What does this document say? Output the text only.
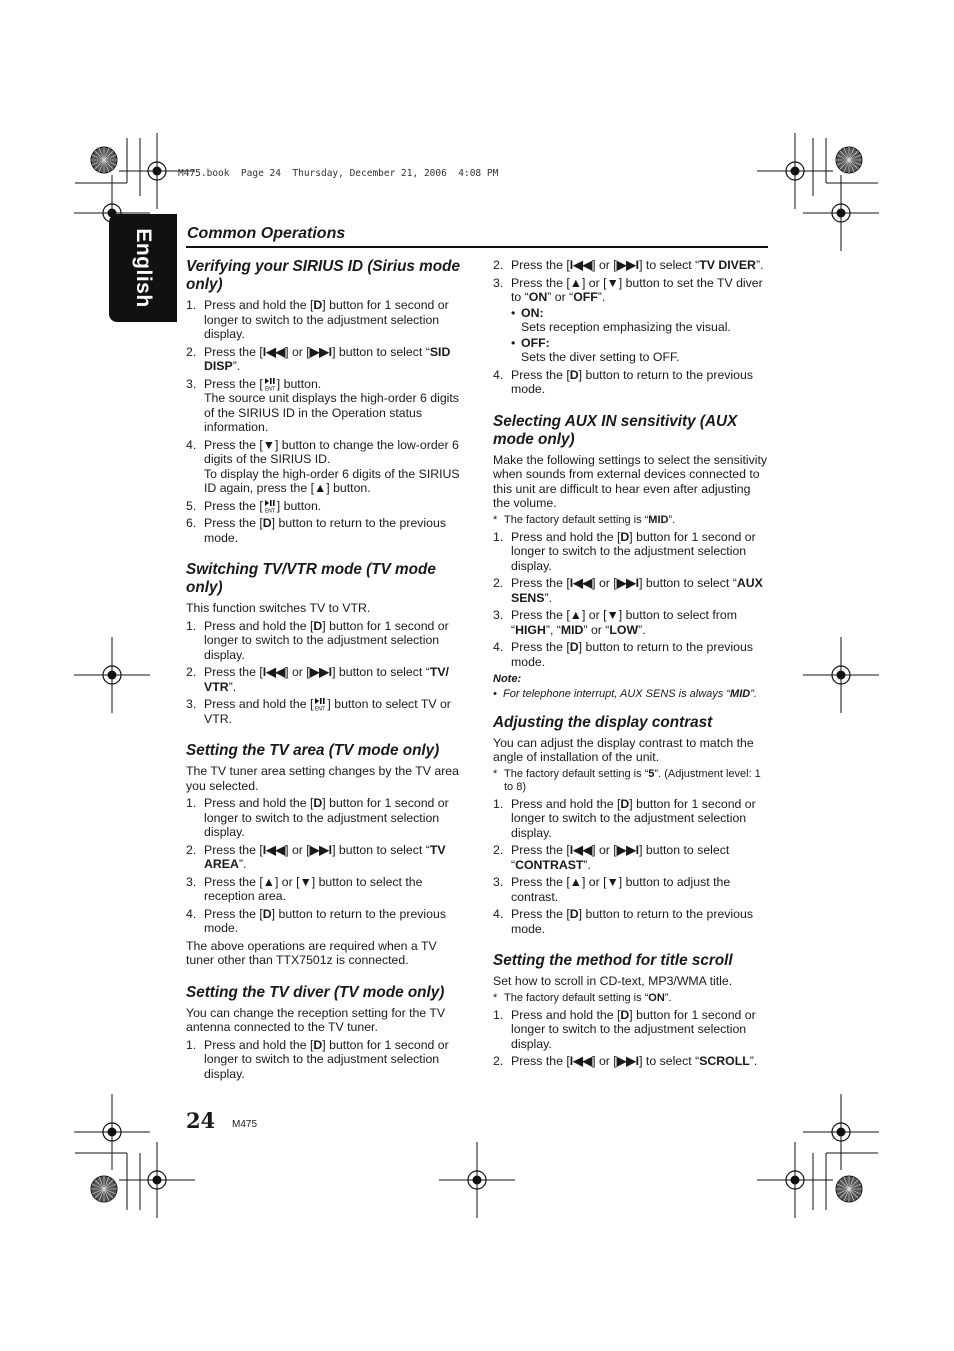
M475.book  Page 24  Thursday, December 21, 2006  4:08 PM
English	Common Operations
Verifying your SIRIUS ID (Sirius mode only)
1. Press and hold the [D] button for 1 second or longer to switch to the adjustment selection display.
2. Press the [I◀◀] or [▶▶I] button to select “SID DISP”.
3. Press the [ ENT ] button.
The source unit displays the high-order 6 digits of the SIRIUS ID in the Operation status information.
4. Press the [▼] button to change the low-order 6 digits of the SIRIUS ID.
To display the high-order 6 digits of the SIRIUS ID again, press the [▲] button.
5. Press the [ ENT ] button.
6. Press the [D] button to return to the previous mode.
Switching TV/VTR mode (TV mode only)
This function switches TV to VTR.
1. Press and hold the [D] button for 1 second or longer to switch to the adjustment selection display.
2. Press the [I◀◀] or [▶▶I] button to select “TV/ VTR”.
3. Press and hold the [ ENT ] button to select TV or VTR.
Setting the TV area (TV mode only)
The TV tuner area setting changes by the TV area you selected.
1. Press and hold the [D] button for 1 second or longer to switch to the adjustment selection display.
2. Press the [I◀◀] or [▶▶I] button to select “TV AREA”.
3. Press the [▲] or [▼] button to select the reception area.
4. Press the [D] button to return to the previous mode.
The above operations are required when a TV tuner other than TTX7501z is connected.
Setting the TV diver (TV mode only)
You can change the reception setting for the TV antenna connected to the TV tuner.
1. Press and hold the [D] button for 1 second or longer to switch to the adjustment selection display.
2. Press the [I◀◀] or [▶▶I] to select “TV DIVER”.
3. Press the [▲] or [▼] button to set the TV diver to “ON” or “OFF”.
• ON:
Sets reception emphasizing the visual.
• OFF:
Sets the diver setting to OFF.
4. Press the [D] button to return to the previous mode.
Selecting AUX IN sensitivity (AUX mode only)
Make the following settings to select the sensitivity when sounds from external devices connected to this unit are difficult to hear even after adjusting the volume.
* The factory default setting is “MID”.
1. Press and hold the [D] button for 1 second or longer to switch to the adjustment selection display.
2. Press the [I◀◀] or [▶▶I] button to select “AUX SENS”.
3. Press the [▲] or [▼] button to select from “HIGH”, “MID” or “LOW”.
4. Press the [D] button to return to the previous mode.
Note:
• For telephone interrupt, AUX SENS is always “MID”.
Adjusting the display contrast
You can adjust the display contrast to match the angle of installation of the unit.
* The factory default setting is “5”. (Adjustment level: 1 to 8)
1. Press and hold the [D] button for 1 second or longer to switch to the adjustment selection display.
2. Press the [I◀◀] or [▶▶I] button to select “CONTRAST”.
3. Press the [▲] or [▼] button to adjust the contrast.
4. Press the [D] button to return to the previous mode.
Setting the method for title scroll
Set how to scroll in CD-text, MP3/WMA title.
* The factory default setting is “ON”.
1. Press and hold the [D] button for 1 second or longer to switch to the adjustment selection display.
2. Press the [I◀◀] or [▶▶I] to select “SCROLL”.
24 M475
